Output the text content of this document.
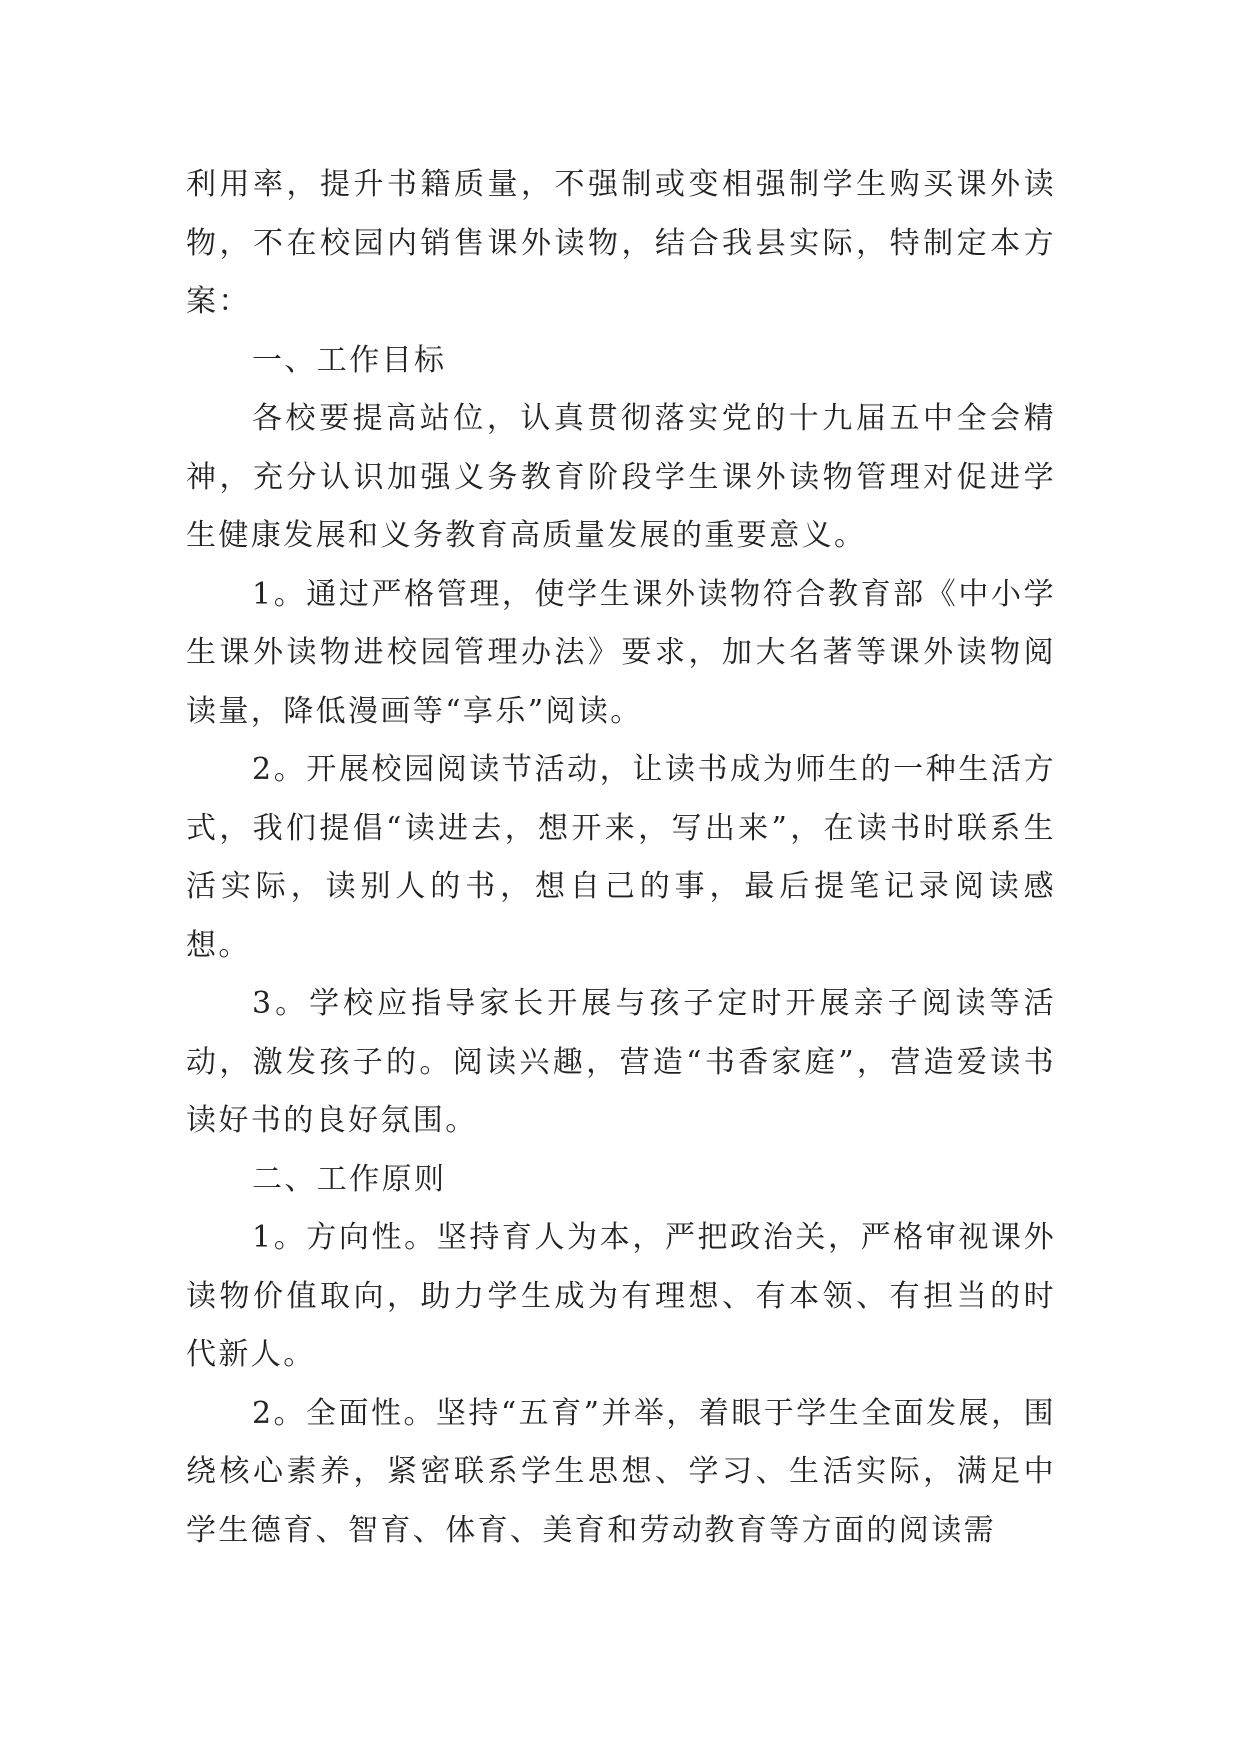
利用率，提升书籍质量，不强制或变相强制学生购买课外读物，不在校园内销售课外读物，结合我县实际，特制定本方案：

一、工作目标

各校要提高站位，认真贯彻落实党的十九届五中全会精神，充分认识加强义务教育阶段学生课外读物管理对促进学生健康发展和义务教育高质量发展的重要意义。

1。通过严格管理，使学生课外读物符合教育部《中小学生课外读物进校园管理办法》要求，加大名著等课外读物阅读量，降低漫画等“享乐”阅读。

2。开展校园阅读节活动，让读书成为师生的一种生活方式，我们提倡“读进去，想开来，写出来”，在读书时联系生活实际，读别人的书，想自己的事，最后提笔记录阅读感想。

3。学校应指导家长开展与孩子定时开展亲子阅读等活动，激发孩子的。阅读兴趣，营造“书香家庭”，营造爱读书读好书的良好氛围。

二、工作原则

1。方向性。坚持育人为本，严把政治关，严格审视课外读物价值取向，助力学生成为有理想、有本领、有担当的时代新人。

2。全面性。坚持“五育”并举，着眼于学生全面发展，围绕核心素养，紧密联系学生思想、学习、生活实际，满足中学生德育、智育、体育、美育和劳动教育等方面的阅读需
